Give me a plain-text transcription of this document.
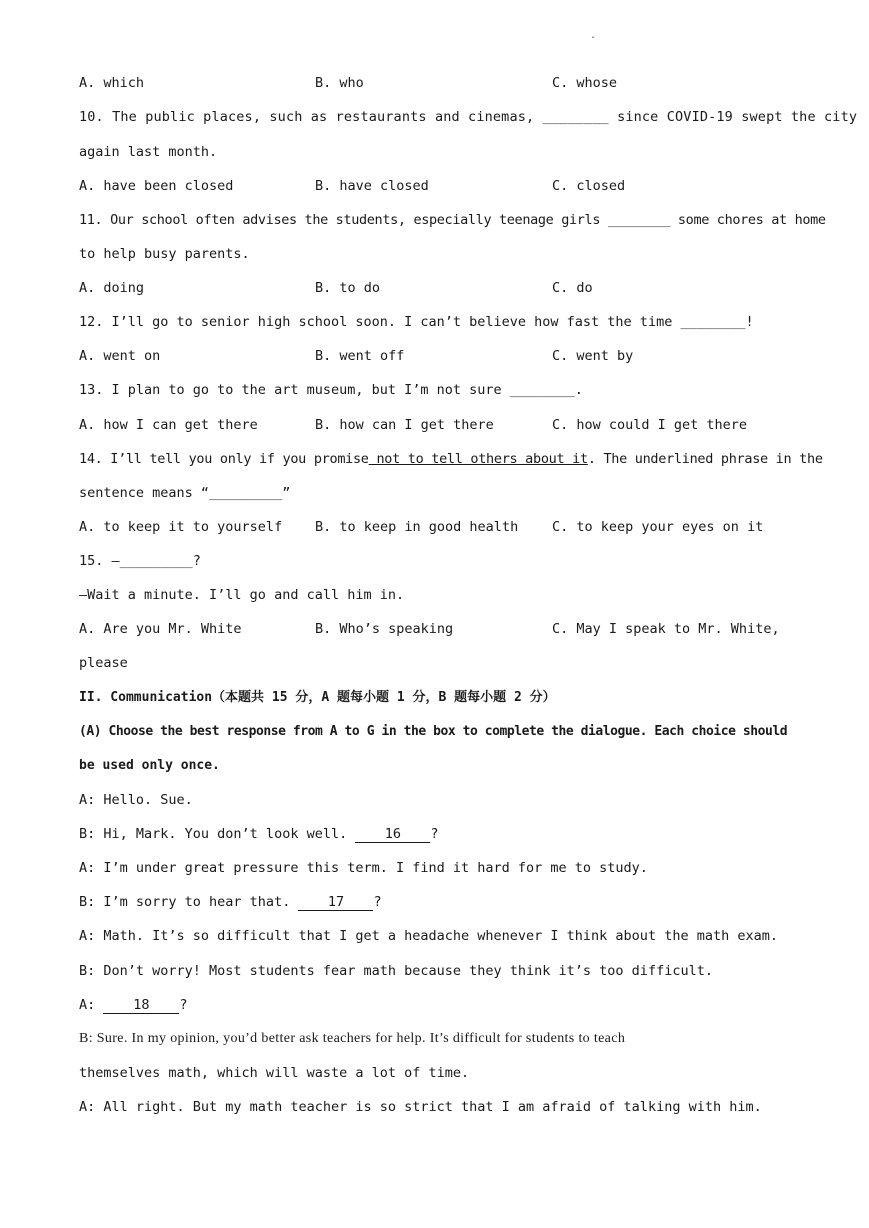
.
A. which	B. who	C. whose
10. The public places, such as restaurants and cinemas, ________ since COVID-19 swept the city
again last month.
A. have been closed	B. have closed	C. closed
11. Our school often advises the students, especially teenage girls ________ some chores at home
to help busy parents.
A. doing	B. to do	C. do
12. I’ll go to senior high school soon. I can’t believe how fast the time ________!
A. went on	B. went off	C. went by
13. I plan to go to the art museum, but I’m not sure ________.
A. how I can get there	B. how can I get there	C. how could I get there
14. I’ll tell you only if you promise not to tell others about it. The underlined phrase in the
sentence means “_________”
A. to keep it to yourself B. to keep in good health	C. to keep your eyes on it
15. —_________?
—Wait a minute. I’ll go and call him in.
A. Are you Mr. White	B. Who’s speaking	C. May I speak to Mr. White,
please
II. Communication（本题共 15 分，A 题每小题 1 分，B 题每小题 2 分）
(A) Choose the best response from A to G in the box to complete the dialogue. Each choice should
be used only once.
A: Hello. Sue.
B: Hi, Mark. You don’t look well. 16 ?
A: I’m under great pressure this term. I find it hard for me to study.
B: I’m sorry to hear that. 17 ?
A: Math. It’s so difficult that I get a headache whenever I think about the math exam.
B: Don’t worry! Most students fear math because they think it’s too difficult.
A: 18 ?
B: Sure. In my opinion, you’d better ask teachers for help. It’s difficult for students to teach
themselves math, which will waste a lot of time.
A: All right. But my math teacher is so strict that I am afraid of talking with him.
